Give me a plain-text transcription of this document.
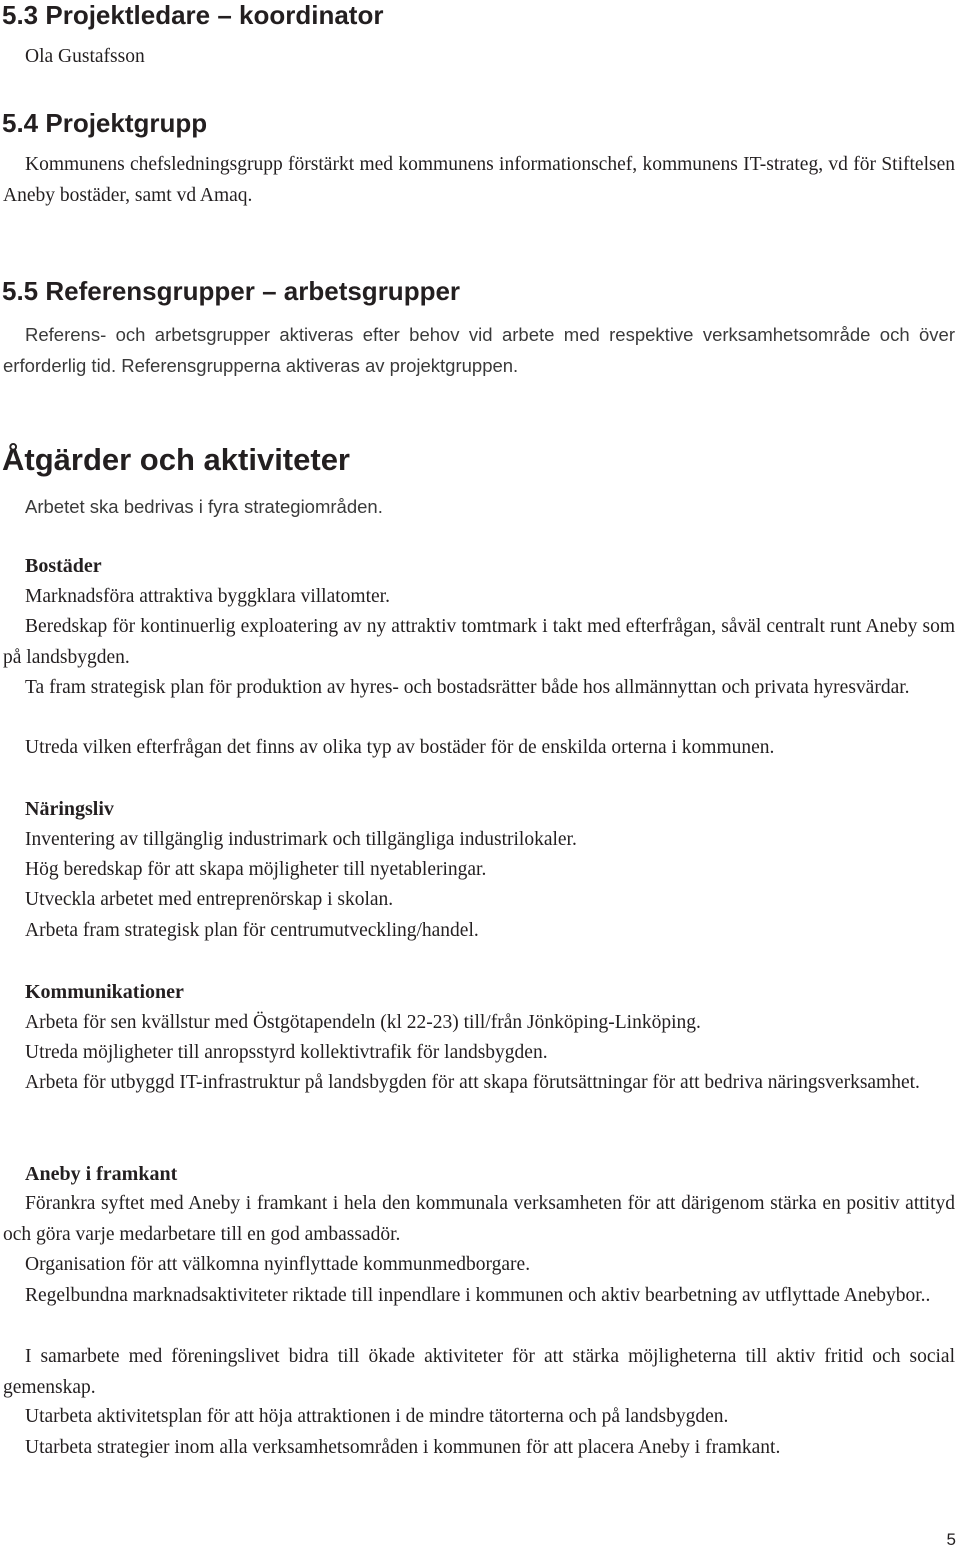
5.3 Projektledare – koordinator
Ola Gustafsson
5.4 Projektgrupp
Kommunens chefsledningsgrupp förstärkt med kommunens informationschef, kommunens IT-strateg, vd för Stiftelsen Aneby bostäder, samt vd Amaq.
5.5 Referensgrupper – arbetsgrupper
Referens- och arbetsgrupper aktiveras efter behov vid arbete med respektive verksamhetsområde och över erforderlig tid. Referensgrupperna aktiveras av projektgruppen.
Åtgärder och aktiviteter
Arbetet ska bedrivas i fyra strategiområden.
Bostäder
Marknadsföra attraktiva byggklara villatomter.
Beredskap för kontinuerlig exploatering av ny attraktiv tomtmark i takt med efterfrågan, såväl centralt runt Aneby som på landsbygden.
Ta fram strategisk plan för produktion av hyres- och bostadsrätter både hos allmännyttan och privata hyresvärdar.
Utreda vilken efterfrågan det finns av olika typ av bostäder för de enskilda orterna i kommunen.
Näringsliv
Inventering av tillgänglig industrimark och tillgängliga industrilokaler.
Hög beredskap för att skapa möjligheter till nyetableringar.
Utveckla arbetet med entreprenörskap i skolan.
Arbeta fram strategisk plan för centrumutveckling/handel.
Kommunikationer
Arbeta för sen kvällstur med Östgötapendeln (kl 22-23) till/från Jönköping-Linköping.
Utreda möjligheter till anropsstyrd kollektivtrafik för landsbygden.
Arbeta för utbyggd IT-infrastruktur på landsbygden för att skapa förutsättningar för att bedriva näringsverksamhet.
Aneby i framkant
Förankra syftet med Aneby i framkant i hela den kommunala verksamheten för att därigenom stärka en positiv attityd och göra varje medarbetare till en god ambassadör.
Organisation för att välkomna nyinflyttade kommunmedborgare.
Regelbundna marknadsaktiviteter riktade till inpendlare i kommunen och aktiv bearbetning av utflyttade Anebybor..
I samarbete med föreningslivet bidra till ökade aktiviteter för att stärka möjligheterna till aktiv fritid och social gemenskap.
Utarbeta aktivitetsplan för att höja attraktionen i de mindre tätorterna och på landsbygden.
Utarbeta strategier inom alla verksamhetsområden i kommunen för att placera Aneby i framkant.
5
